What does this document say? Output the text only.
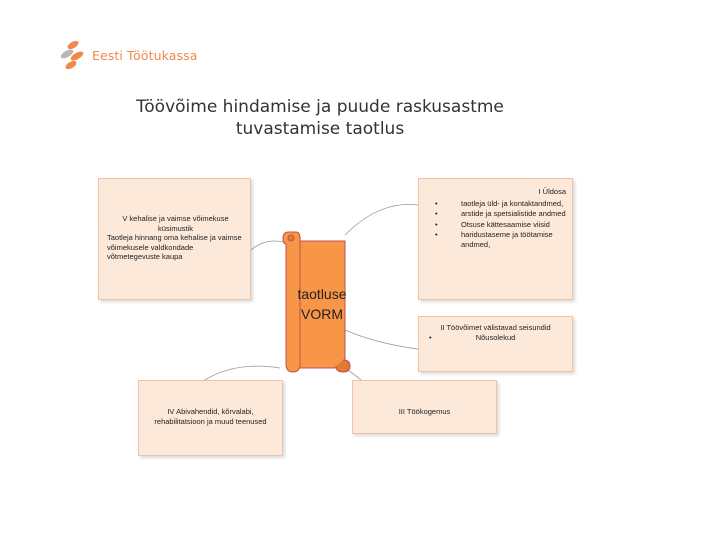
Eesti Töötukassa
Töövõime hindamise ja puude raskusastme
tuvastamise taotlus
taotluse
VORM
V kehalise ja vaimse võimekuse küsimustik
Taotleja hinnang oma kehalise ja vaimse võimekusele valdkondade võtmetegevuste kaupa
I Üldosa
• taotleja üld- ja kontaktandmed,
• arstide ja spetsialistide andmed
• Otsuse kättesaamise viisid
• haridustaseme ja töötamise andmed,
II Töövõimet välistavad seisundid
•	Nõusolekud
III Töökogemus
IV Abivahendid, kõrvalabi, rehabilitatsioon ja muud teenused
